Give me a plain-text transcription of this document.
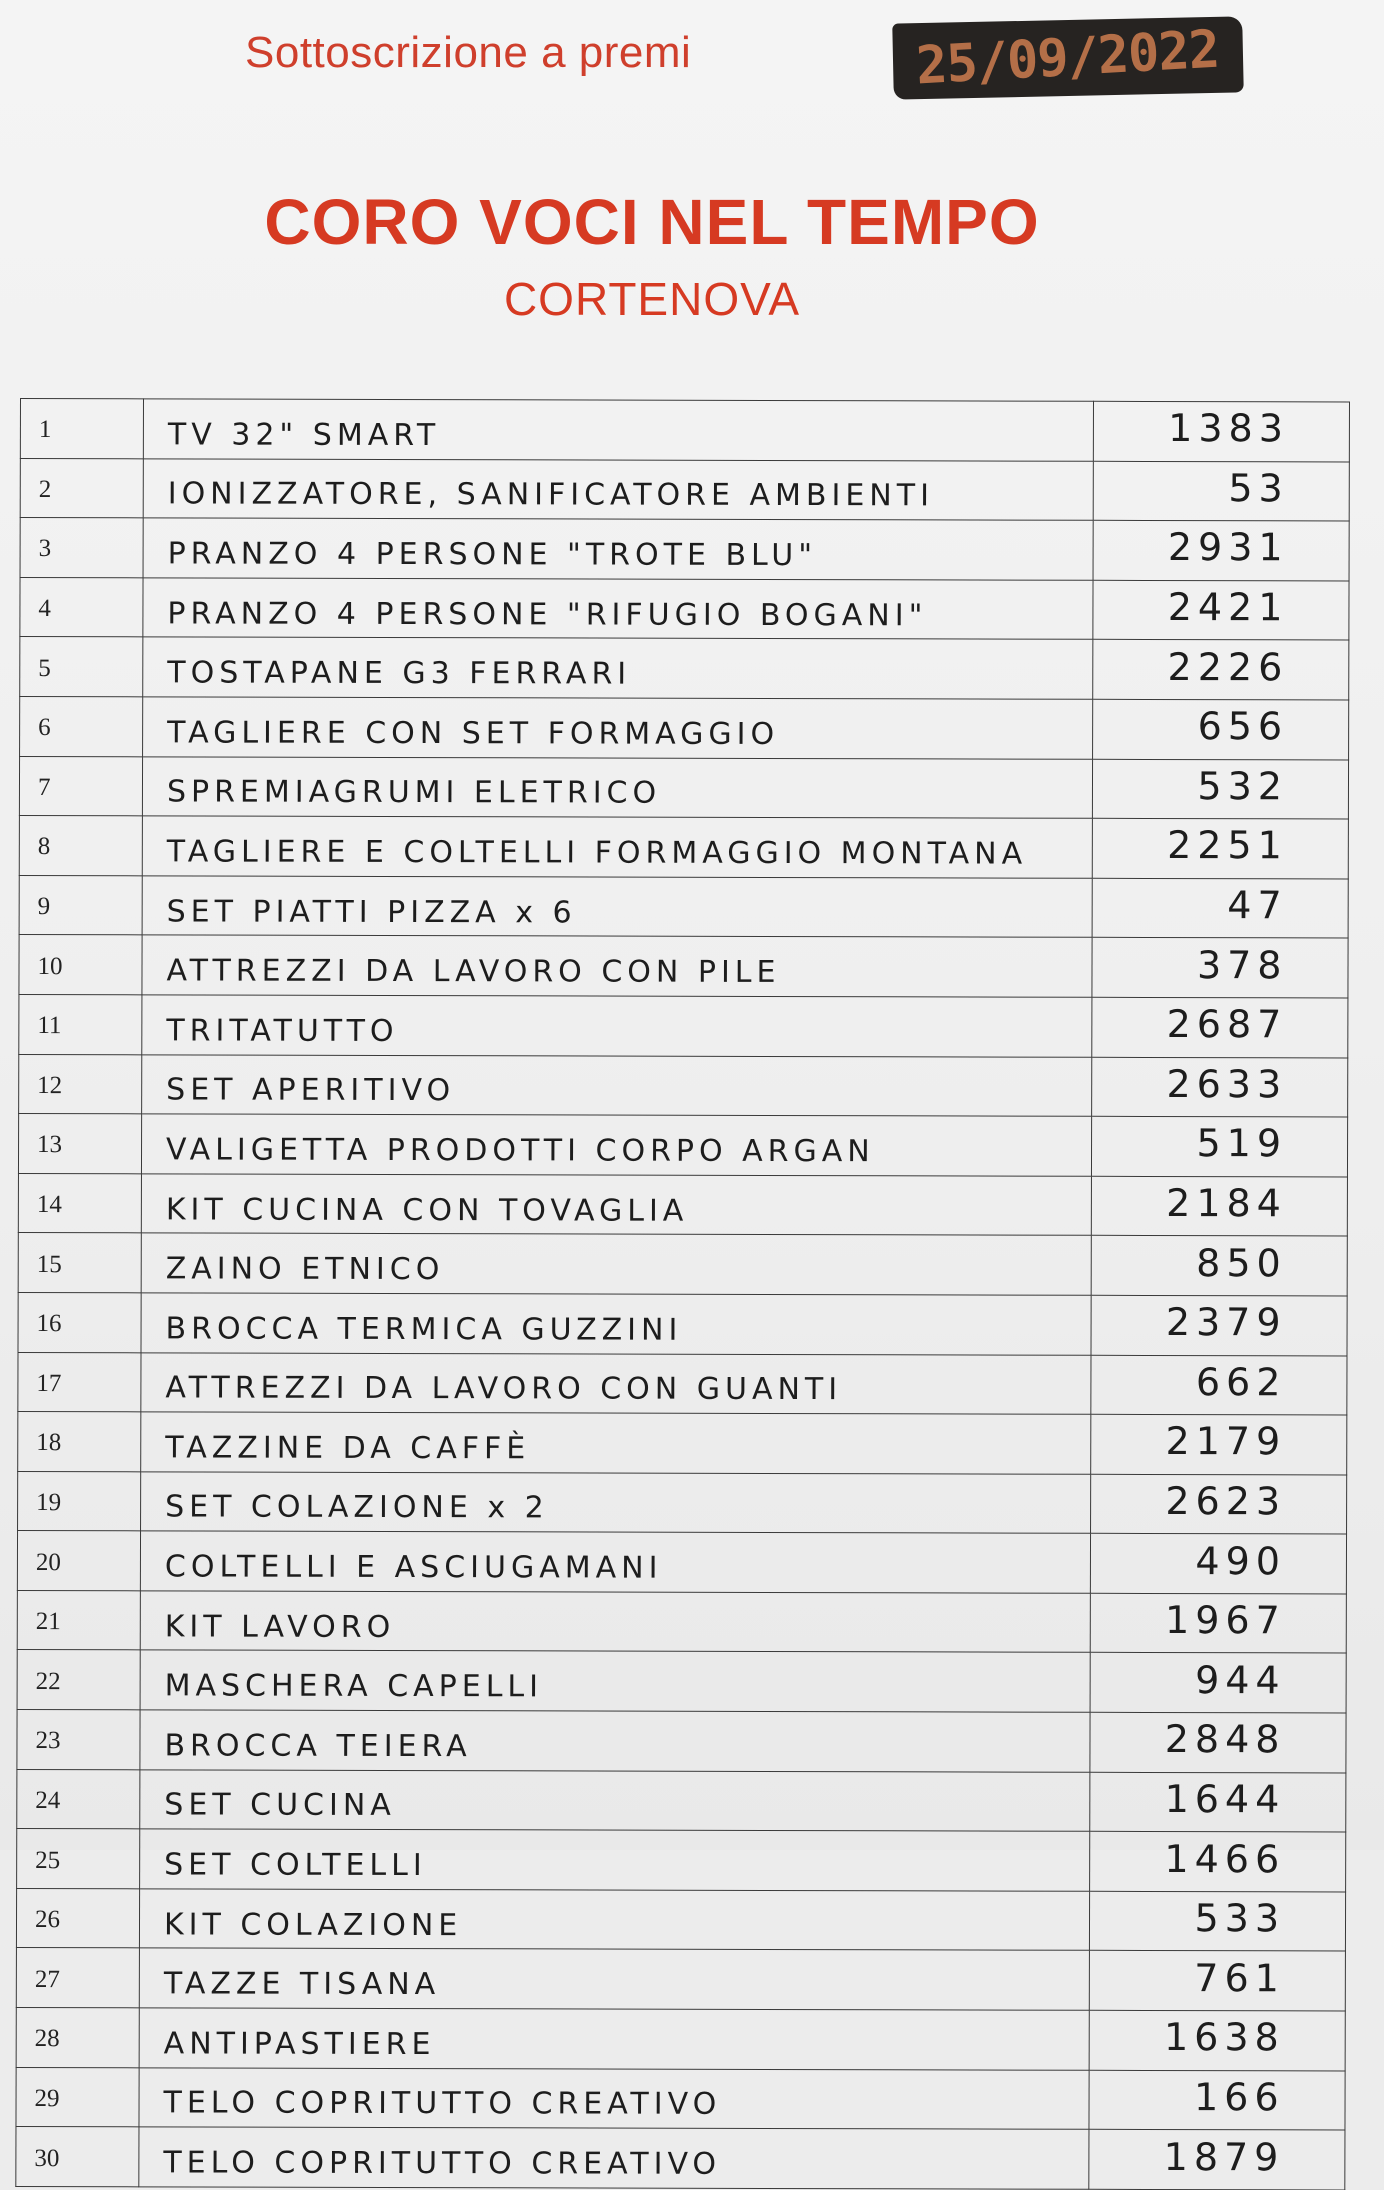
Sottoscrizione a premi	25/09/2022
CORO VOCI NEL TEMPO
CORTENOVA
1	TV 32" SMART	1383
2	IONIZZATORE, SANIFICATORE AMBIENTI	53
3	PRANZO 4 PERSONE "TROTE BLU"	2931
4	PRANZO 4 PERSONE "RIFUGIO BOGANI"	2421
5	TOSTAPANE G3 FERRARI	2226
6	TAGLIERE CON SET FORMAGGIO	656
7	SPREMIAGRUMI ELETRICO	532
8	TAGLIERE E COLTELLI FORMAGGIO MONTANA	2251
9	SET PIATTI PIZZA x 6	47
10	ATTREZZI DA LAVORO CON PILE	378
11	TRITATUTTO	2687
12	SET APERITIVO	2633
13	VALIGETTA PRODOTTI CORPO ARGAN	519
14	KIT CUCINA CON TOVAGLIA	2184
15	ZAINO ETNICO	850
16	BROCCA TERMICA GUZZINI	2379
17	ATTREZZI DA LAVORO CON GUANTI	662
18	TAZZINE DA CAFFÈ	2179
19	SET COLAZIONE x 2	2623
20	COLTELLI E ASCIUGAMANI	490
21	KIT LAVORO	1967
22	MASCHERA CAPELLI	944
23	BROCCA TEIERA	2848
24	SET CUCINA	1644
25	SET COLTELLI	1466
26	KIT COLAZIONE	533
27	TAZZE TISANA	761
28	ANTIPASTIERE	1638
29	TELO COPRITUTTO CREATIVO	166
30	TELO COPRITUTTO CREATIVO	1879
